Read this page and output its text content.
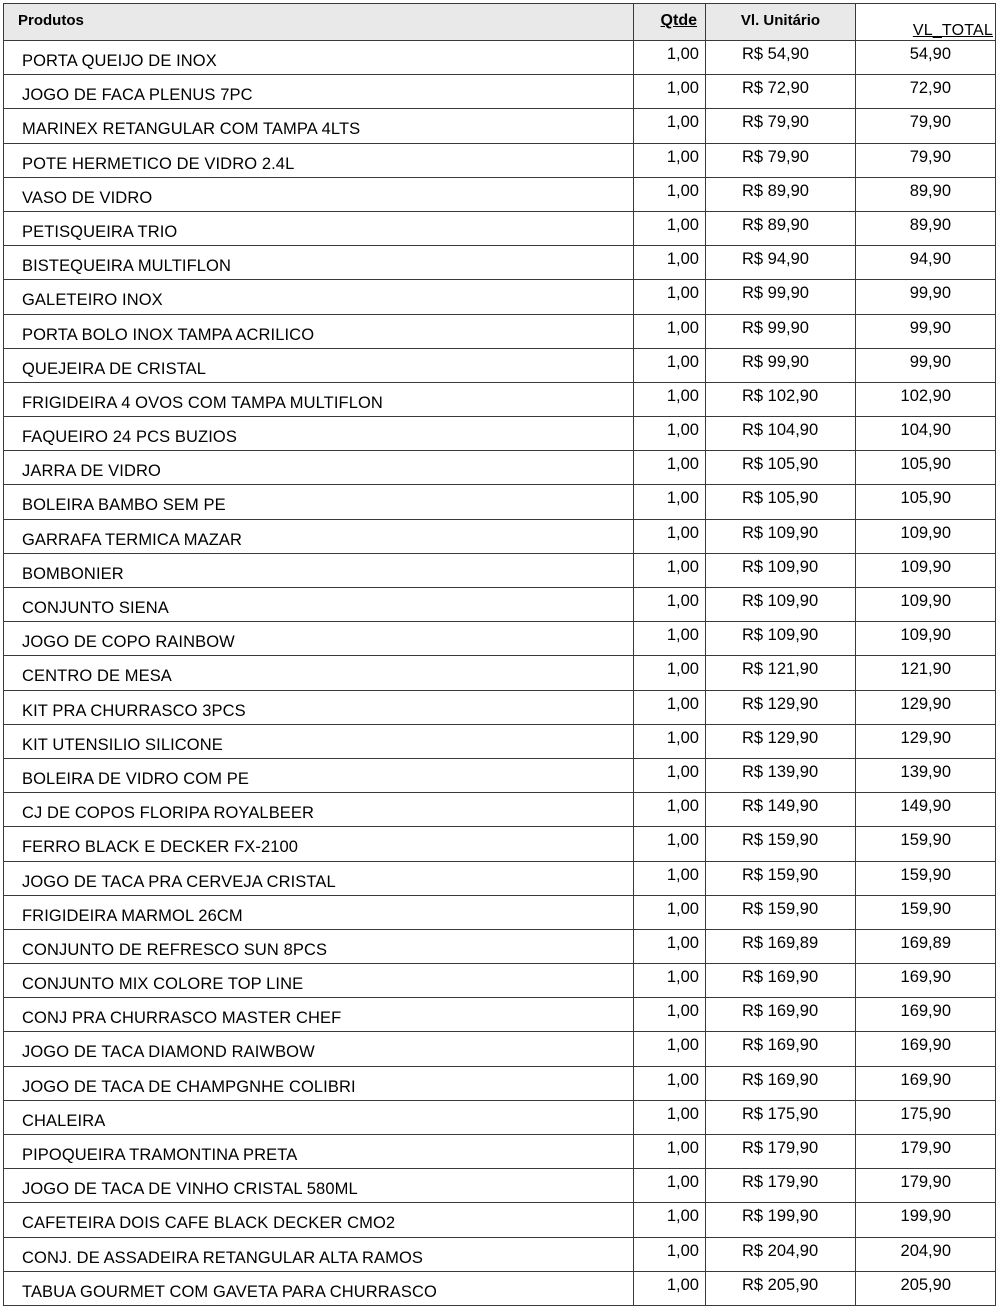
Produtos	Qtde	Vl. Unitário	VL_TOTAL
PORTA QUEIJO DE INOX	1,00	R$ 54,90	54,90
JOGO DE FACA PLENUS 7PC	1,00	R$ 72,90	72,90
MARINEX RETANGULAR COM TAMPA 4LTS	1,00	R$ 79,90	79,90
POTE HERMETICO DE VIDRO 2.4L	1,00	R$ 79,90	79,90
VASO DE VIDRO	1,00	R$ 89,90	89,90
PETISQUEIRA TRIO	1,00	R$ 89,90	89,90
BISTEQUEIRA MULTIFLON	1,00	R$ 94,90	94,90
GALETEIRO INOX	1,00	R$ 99,90	99,90
PORTA BOLO INOX TAMPA ACRILICO	1,00	R$ 99,90	99,90
QUEJEIRA DE CRISTAL	1,00	R$ 99,90	99,90
FRIGIDEIRA 4 OVOS COM TAMPA MULTIFLON	1,00	R$ 102,90	102,90
FAQUEIRO 24 PCS BUZIOS	1,00	R$ 104,90	104,90
JARRA DE VIDRO	1,00	R$ 105,90	105,90
BOLEIRA BAMBO SEM PE	1,00	R$ 105,90	105,90
GARRAFA TERMICA MAZAR	1,00	R$ 109,90	109,90
BOMBONIER	1,00	R$ 109,90	109,90
CONJUNTO SIENA	1,00	R$ 109,90	109,90
JOGO DE COPO RAINBOW	1,00	R$ 109,90	109,90
CENTRO DE MESA	1,00	R$ 121,90	121,90
KIT PRA CHURRASCO 3PCS	1,00	R$ 129,90	129,90
KIT UTENSILIO SILICONE	1,00	R$ 129,90	129,90
BOLEIRA DE VIDRO COM PE	1,00	R$ 139,90	139,90
CJ DE COPOS FLORIPA ROYALBEER	1,00	R$ 149,90	149,90
FERRO BLACK E DECKER FX-2100	1,00	R$ 159,90	159,90
JOGO DE TACA PRA CERVEJA CRISTAL	1,00	R$ 159,90	159,90
FRIGIDEIRA MARMOL 26CM	1,00	R$ 159,90	159,90
CONJUNTO DE REFRESCO SUN 8PCS	1,00	R$ 169,89	169,89
CONJUNTO MIX COLORE TOP LINE	1,00	R$ 169,90	169,90
CONJ PRA CHURRASCO MASTER CHEF	1,00	R$ 169,90	169,90
JOGO DE TACA DIAMOND RAIWBOW	1,00	R$ 169,90	169,90
JOGO DE TACA DE CHAMPGNHE COLIBRI	1,00	R$ 169,90	169,90
CHALEIRA	1,00	R$ 175,90	175,90
PIPOQUEIRA TRAMONTINA PRETA	1,00	R$ 179,90	179,90
JOGO DE TACA DE VINHO CRISTAL 580ML	1,00	R$ 179,90	179,90
CAFETEIRA DOIS CAFE BLACK DECKER CMO2	1,00	R$ 199,90	199,90
CONJ. DE ASSADEIRA RETANGULAR ALTA RAMOS	1,00	R$ 204,90	204,90
TABUA GOURMET COM GAVETA PARA CHURRASCO	1,00	R$ 205,90	205,90
